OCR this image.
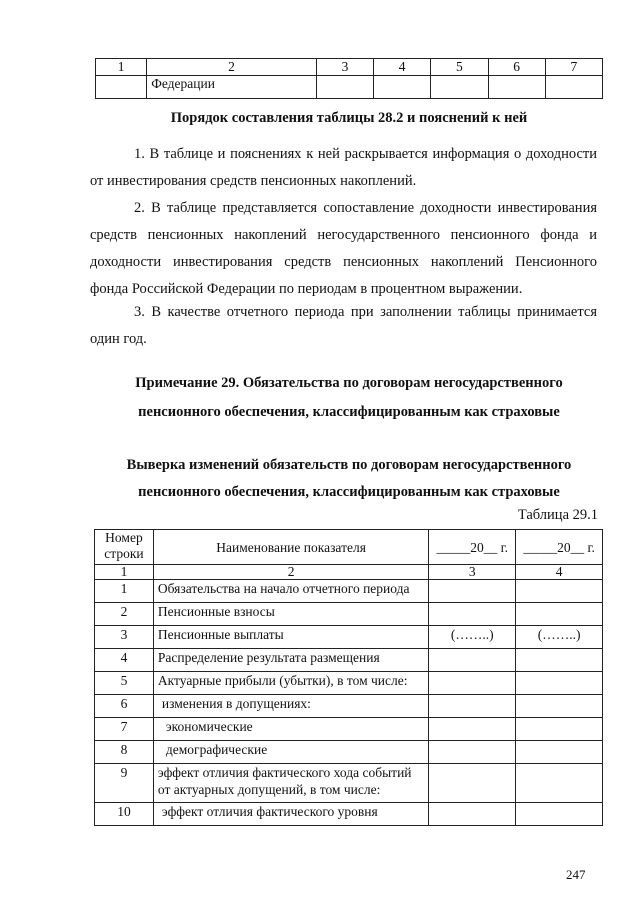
1	2	3	4	5	6	7
	Федерации					
Порядок составления таблицы 28.2 и пояснений к ней
1. В таблице и пояснениях к ней раскрывается информация о доходности от инвестирования средств пенсионных накоплений.
2. В таблице представляется сопоставление доходности инвестирования средств пенсионных накоплений негосударственного пенсионного фонда и доходности инвестирования средств пенсионных накоплений Пенсионного фонда Российской Федерации по периодам в процентном выражении.
3. В качестве отчетного периода при заполнении таблицы принимается один год.
Примечание 29. Обязательства по договорам негосударственного
пенсионного обеспечения, классифицированным как страховые
Выверка изменений обязательств по договорам негосударственного
пенсионного обеспечения, классифицированным как страховые
Таблица 29.1
Номер строки	Наименование показателя	_____20__ г.	_____20__ г.
1	2	3	4
1	Обязательства на начало отчетного периода		
2	Пенсионные взносы		
3	Пенсионные выплаты	(……..)	(……..)
4	Распределение результата размещения		
5	Актуарные прибыли (убытки), в том числе:		
6	изменения в допущениях:		
7	экономические		
8	демографические		
9	эффект отличия фактического хода событий от актуарных допущений, в том числе:		
10	эффект отличия фактического уровня		
247
